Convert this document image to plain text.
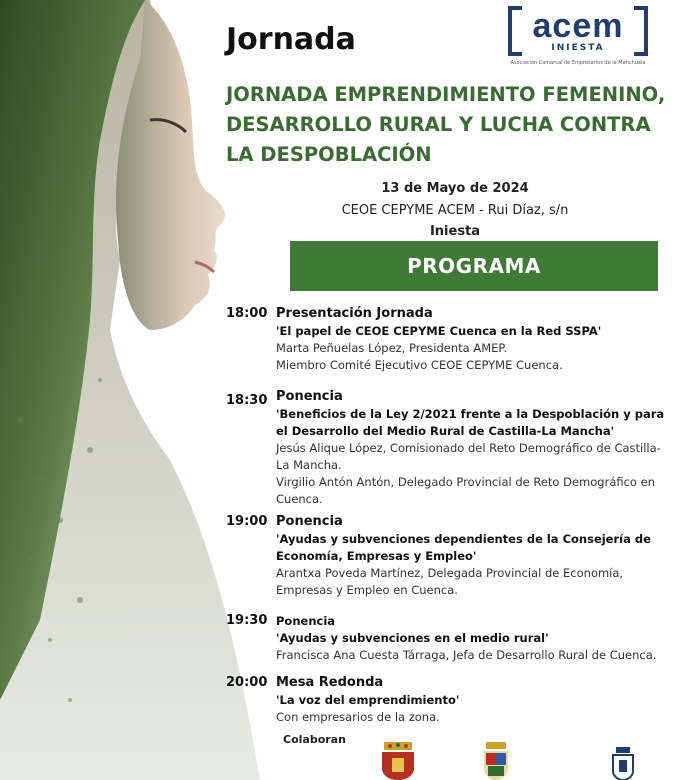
Jornada	acem
INIESTA
Asociación Comarcal de Empresarios de la Manchuela
JORNADA EMPRENDIMIENTO FEMENINO,
DESARROLLO RURAL Y LUCHA CONTRA
LA DESPOBLACIÓN
13 de Mayo de 2024
CEOE CEPYME ACEM - Rui Díaz, s/n
Iniesta
PROGRAMA
18:00 Presentación Jornada
'El papel de CEOE CEPYME Cuenca en la Red SSPA'
Marta Peñuelas López, Presidenta AMEP.
Miembro Comité Ejecutivo CEOE CEPYME Cuenca.
18:30 Ponencia
'Beneficios de la Ley 2/2021 frente a la Despoblación y para el Desarrollo del Medio Rural de Castilla-La Mancha'
Jesús Alique López, Comisionado del Reto Demográfico de Castilla-La Mancha.
Virgilio Antón Antón, Delegado Provincial de Reto Demográfico en Cuenca.
19:00 Ponencia
'Ayudas y subvenciones dependientes de la Consejería de Economía, Empresas y Empleo'
Arantxa Poveda Martínez, Delegada Provincial de Economía, Empresas y Empleo en Cuenca.
19:30 Ponencia
'Ayudas y subvenciones en el medio rural'
Francisca Ana Cuesta Tárraga, Jefa de Desarrollo Rural de Cuenca.
20:00 Mesa Redonda
'La voz del emprendimiento'
Con empresarios de la zona.
Colaboran
